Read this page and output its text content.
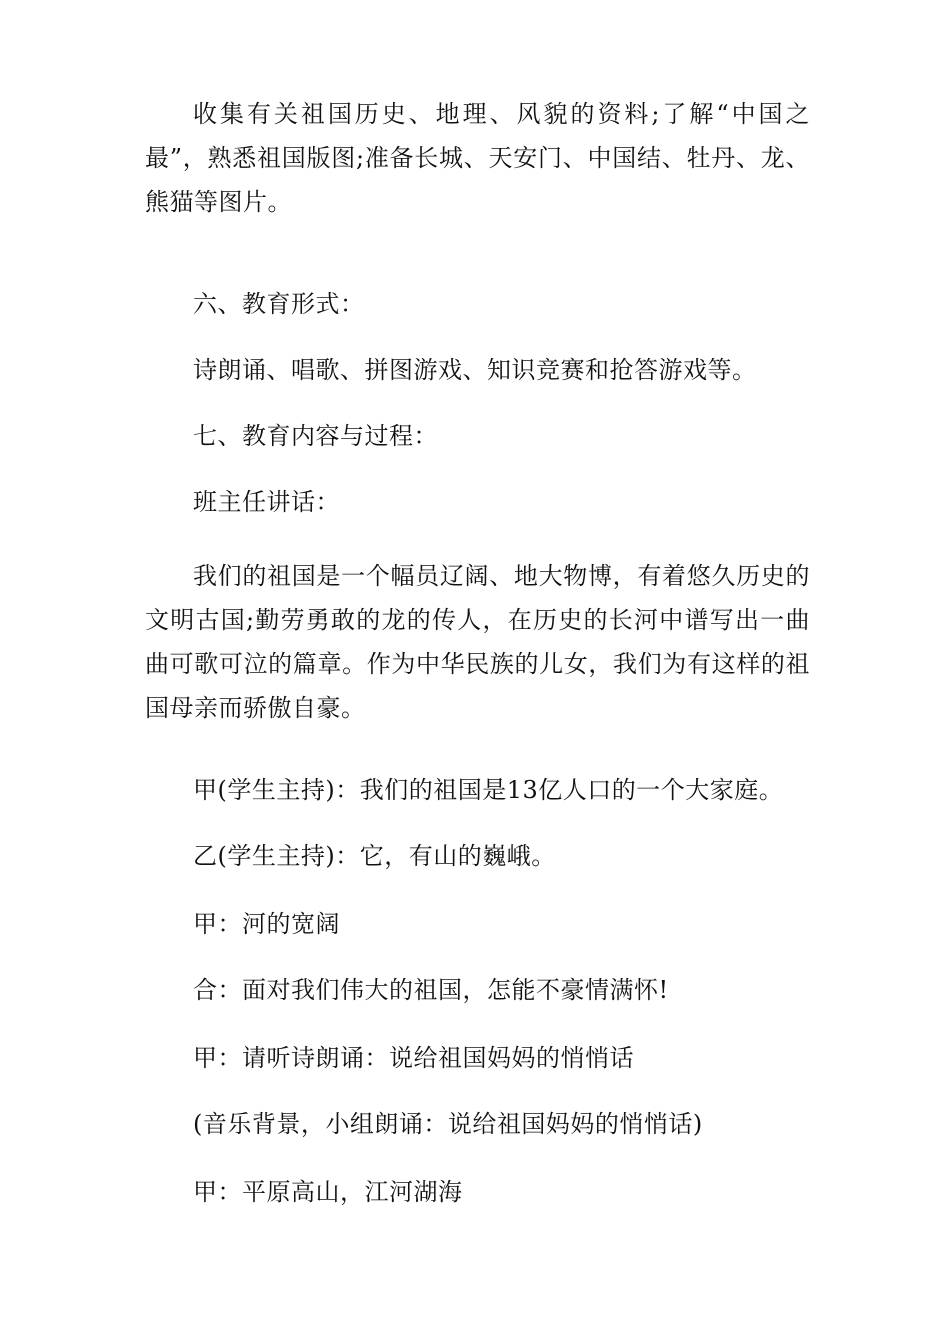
收集有关祖国历史、地理、风貌的资料;了解“中国之最”，熟悉祖国版图;准备长城、天安门、中国结、牡丹、龙、熊猫等图片。

六、教育形式：

诗朗诵、唱歌、拼图游戏、知识竞赛和抢答游戏等。

七、教育内容与过程：

班主任讲话：

我们的祖国是一个幅员辽阔、地大物博，有着悠久历史的文明古国;勤劳勇敢的龙的传人，在历史的长河中谱写出一曲曲可歌可泣的篇章。作为中华民族的儿女，我们为有这样的祖国母亲而骄傲自豪。

甲(学生主持)：我们的祖国是13亿人口的一个大家庭。

乙(学生主持)：它，有山的巍峨。

甲：河的宽阔

合：面对我们伟大的祖国，怎能不豪情满怀!

甲：请听诗朗诵：说给祖国妈妈的悄悄话

(音乐背景，小组朗诵：说给祖国妈妈的悄悄话)

甲：平原高山，江河湖海
